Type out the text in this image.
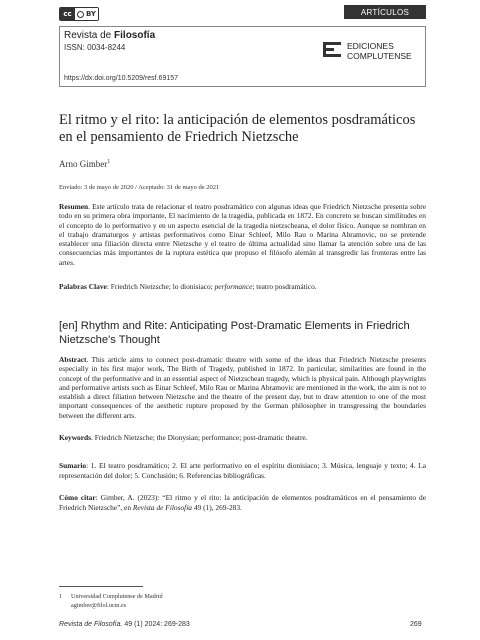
cc	BY	ARTÍCULOS
Revista de Filosofía
ISSN: 0034-8244
https://dx.doi.org/10.5209/resf.69157
EDICIONES
COMPLUTENSE
El ritmo y el rito: la anticipación de elementos posdramáticos en el pensamiento de Friedrich Nietzsche
Arno Gimber$^1$
Enviado: 3 de mayo de 2020 / Aceptado: 31 de mayo de 2021

Resumen. Este artículo trata de relacionar el teatro posdramático con algunas ideas que Friedrich Nietzsche presenta sobre todo en su primera obra importante, El nacimiento de la tragedia, publicada en 1872. En concreto se buscan similitudes en el concepto de lo performativo y en un aspecto esencial de la tragedia nietzscheana, el dolor físico. Aunque se nombran en el trabajo dramaturgos y artistas performativos como Einar Schleef, Milo Rau o Marina Abramovic, no se pretende establecer una filiación directa entre Nietzsche y el teatro de última actualidad sino llamar la atención sobre una de las consecuencias más importantes de la ruptura estética que propuso el filósofo alemán al transgredir las fronteras entre las artes.

Palabras Clave: Friedrich Nietzsche; lo dionisiaco; performance; teatro posdramático.

[en] Rhythm and Rite: Anticipating Post-Dramatic Elements in Friedrich Nietzsche's Thought

Abstract. This article aims to connect post-dramatic theatre with some of the ideas that Friedrich Nietzsche presents especially in his first major work, The Birth of Tragedy, published in 1872. In particular, similarities are found in the concept of the performative and in an essential aspect of Nietzschean tragedy, which is physical pain. Although playwrights and performative artists such as Einar Schleef, Milo Rau or Marina Abramovic are mentioned in the work, the aim is not to establish a direct filiation between Nietzsche and the theatre of the present day, but to draw attention to one of the most important consequences of the aesthetic rupture proposed by the German philosopher in transgressing the boundaries between the different arts.

Keywords. Friedrich Nietzsche; the Dionysian; performance; post-dramatic theatre.

Sumario: 1. El teatro posdramático; 2. El arte performativo en el espíritu dionisiaco; 3. Música, lenguaje y texto; 4. La representación del dolor; 5. Conclusión; 6. Referencias bibliográficas.

Cómo citar: Gimber, A. (2023): “El ritmo y el rito: la anticipación de elementos posdramáticos en el pensamiento de Friedrich Nietzsche”, en Revista de Filosofía 49 (1), 269-283.

1 Universidad Complutense de Madrid
agimber@filol.ucm.es
Revista de Filosofía. 49 (1) 2024: 269-283	269
